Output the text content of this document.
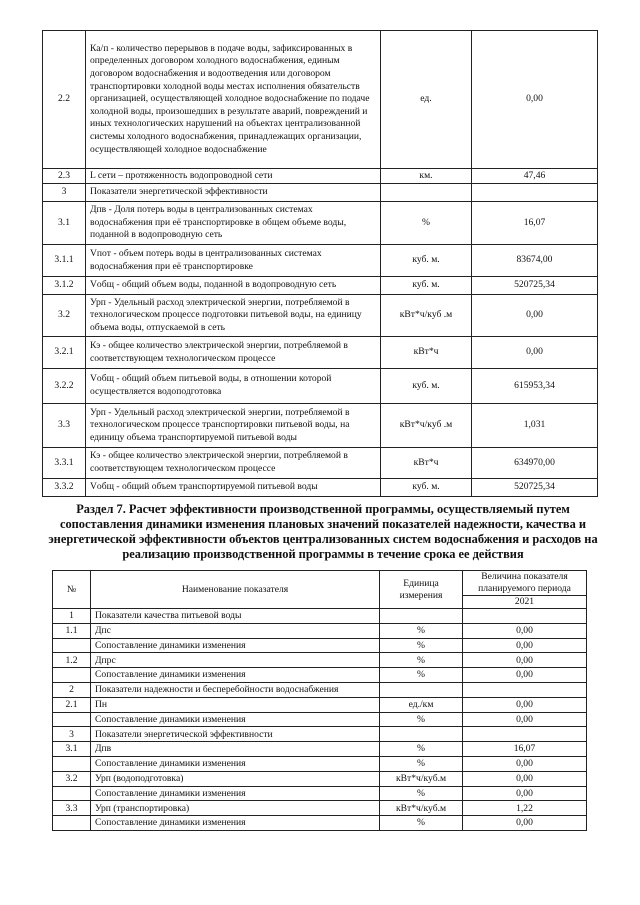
2.2	Ка/п - количество перерывов в подаче воды, зафиксированных в определенных договором холодного водоснабжения, единым договором водоснабжения и водоотведения или договором транспортировки холодной воды местах исполнения обязательств организацией, осуществляющей холодное водоснабжение по подаче холодной воды, произошедших в результате аварий, повреждений и иных технологических нарушений на объектах централизованной системы холодного водоснабжения, принадлежащих организации, осуществляющей холодное водоснабжение	ед.	0,00
2.3	L сети – протяженность водопроводной сети	км.	47,46
3	Показатели энергетической эффективности		
3.1	Дпв - Доля потерь воды в централизованных системах водоснабжения при её транспортировке в общем объеме воды, поданной в водопроводную сеть	%	16,07
3.1.1	Vпот - объем потерь воды в централизованных системах водоснабжения при её транспортировке	куб. м.	83674,00
3.1.2	Vобщ - общий объем воды, поданной в водопроводную сеть	куб. м.	520725,34
3.2	Урп - Удельный расход электрической энергии, потребляемой в технологическом процессе подготовки питьевой воды, на единицу объема воды, отпускаемой в сеть	кВт*ч/куб .м	0,00
3.2.1	Кэ - общее количество электрической энергии, потребляемой в соответствующем технологическом процессе	кВт*ч	0,00
3.2.2	Vобщ - общий объем питьевой воды, в отношении которой осуществляется водоподготовка	куб. м.	615953,34
3.3	Урп - Удельный расход электрической энергии, потребляемой в технологическом процессе транспортировки питьевой воды, на единицу объема транспортируемой питьевой воды	кВт*ч/куб .м	1,031
3.3.1	Кэ - общее количество электрической энергии, потребляемой в соответствующем технологическом процессе	кВт*ч	634970,00
3.3.2	Vобщ - общий объем транспортируемой питьевой воды	куб. м.	520725,34
Раздел 7. Расчет эффективности производственной программы, осуществляемый путем сопоставления динамики изменения плановых значений показателей надежности, качества и энергетической эффективности объектов централизованных систем водоснабжения и расходов на реализацию производственной программы в течение срока ее действия
№	Наименование показателя	Единица измерения	Величина показателя планируемого периода
			2021
1	Показатели качества питьевой воды		
1.1	Дпс	%	0,00
	Сопоставление динамики изменения	%	0,00
1.2	Дпрс	%	0,00
	Сопоставление динамики изменения	%	0,00
2	Показатели надежности и бесперебойности водоснабжения		
2.1	Пн	ед./км	0,00
	Сопоставление динамики изменения	%	0,00
3	Показатели энергетической эффективности		
3.1	Дпв	%	16,07
	Сопоставление динамики изменения	%	0,00
3.2	Урп (водоподготовка)	кВт*ч/куб.м	0,00
	Сопоставление динамики изменения	%	0,00
3.3	Урп (транспортировка)	кВт*ч/куб.м	1,22
	Сопоставление динамики изменения	%	0,00
